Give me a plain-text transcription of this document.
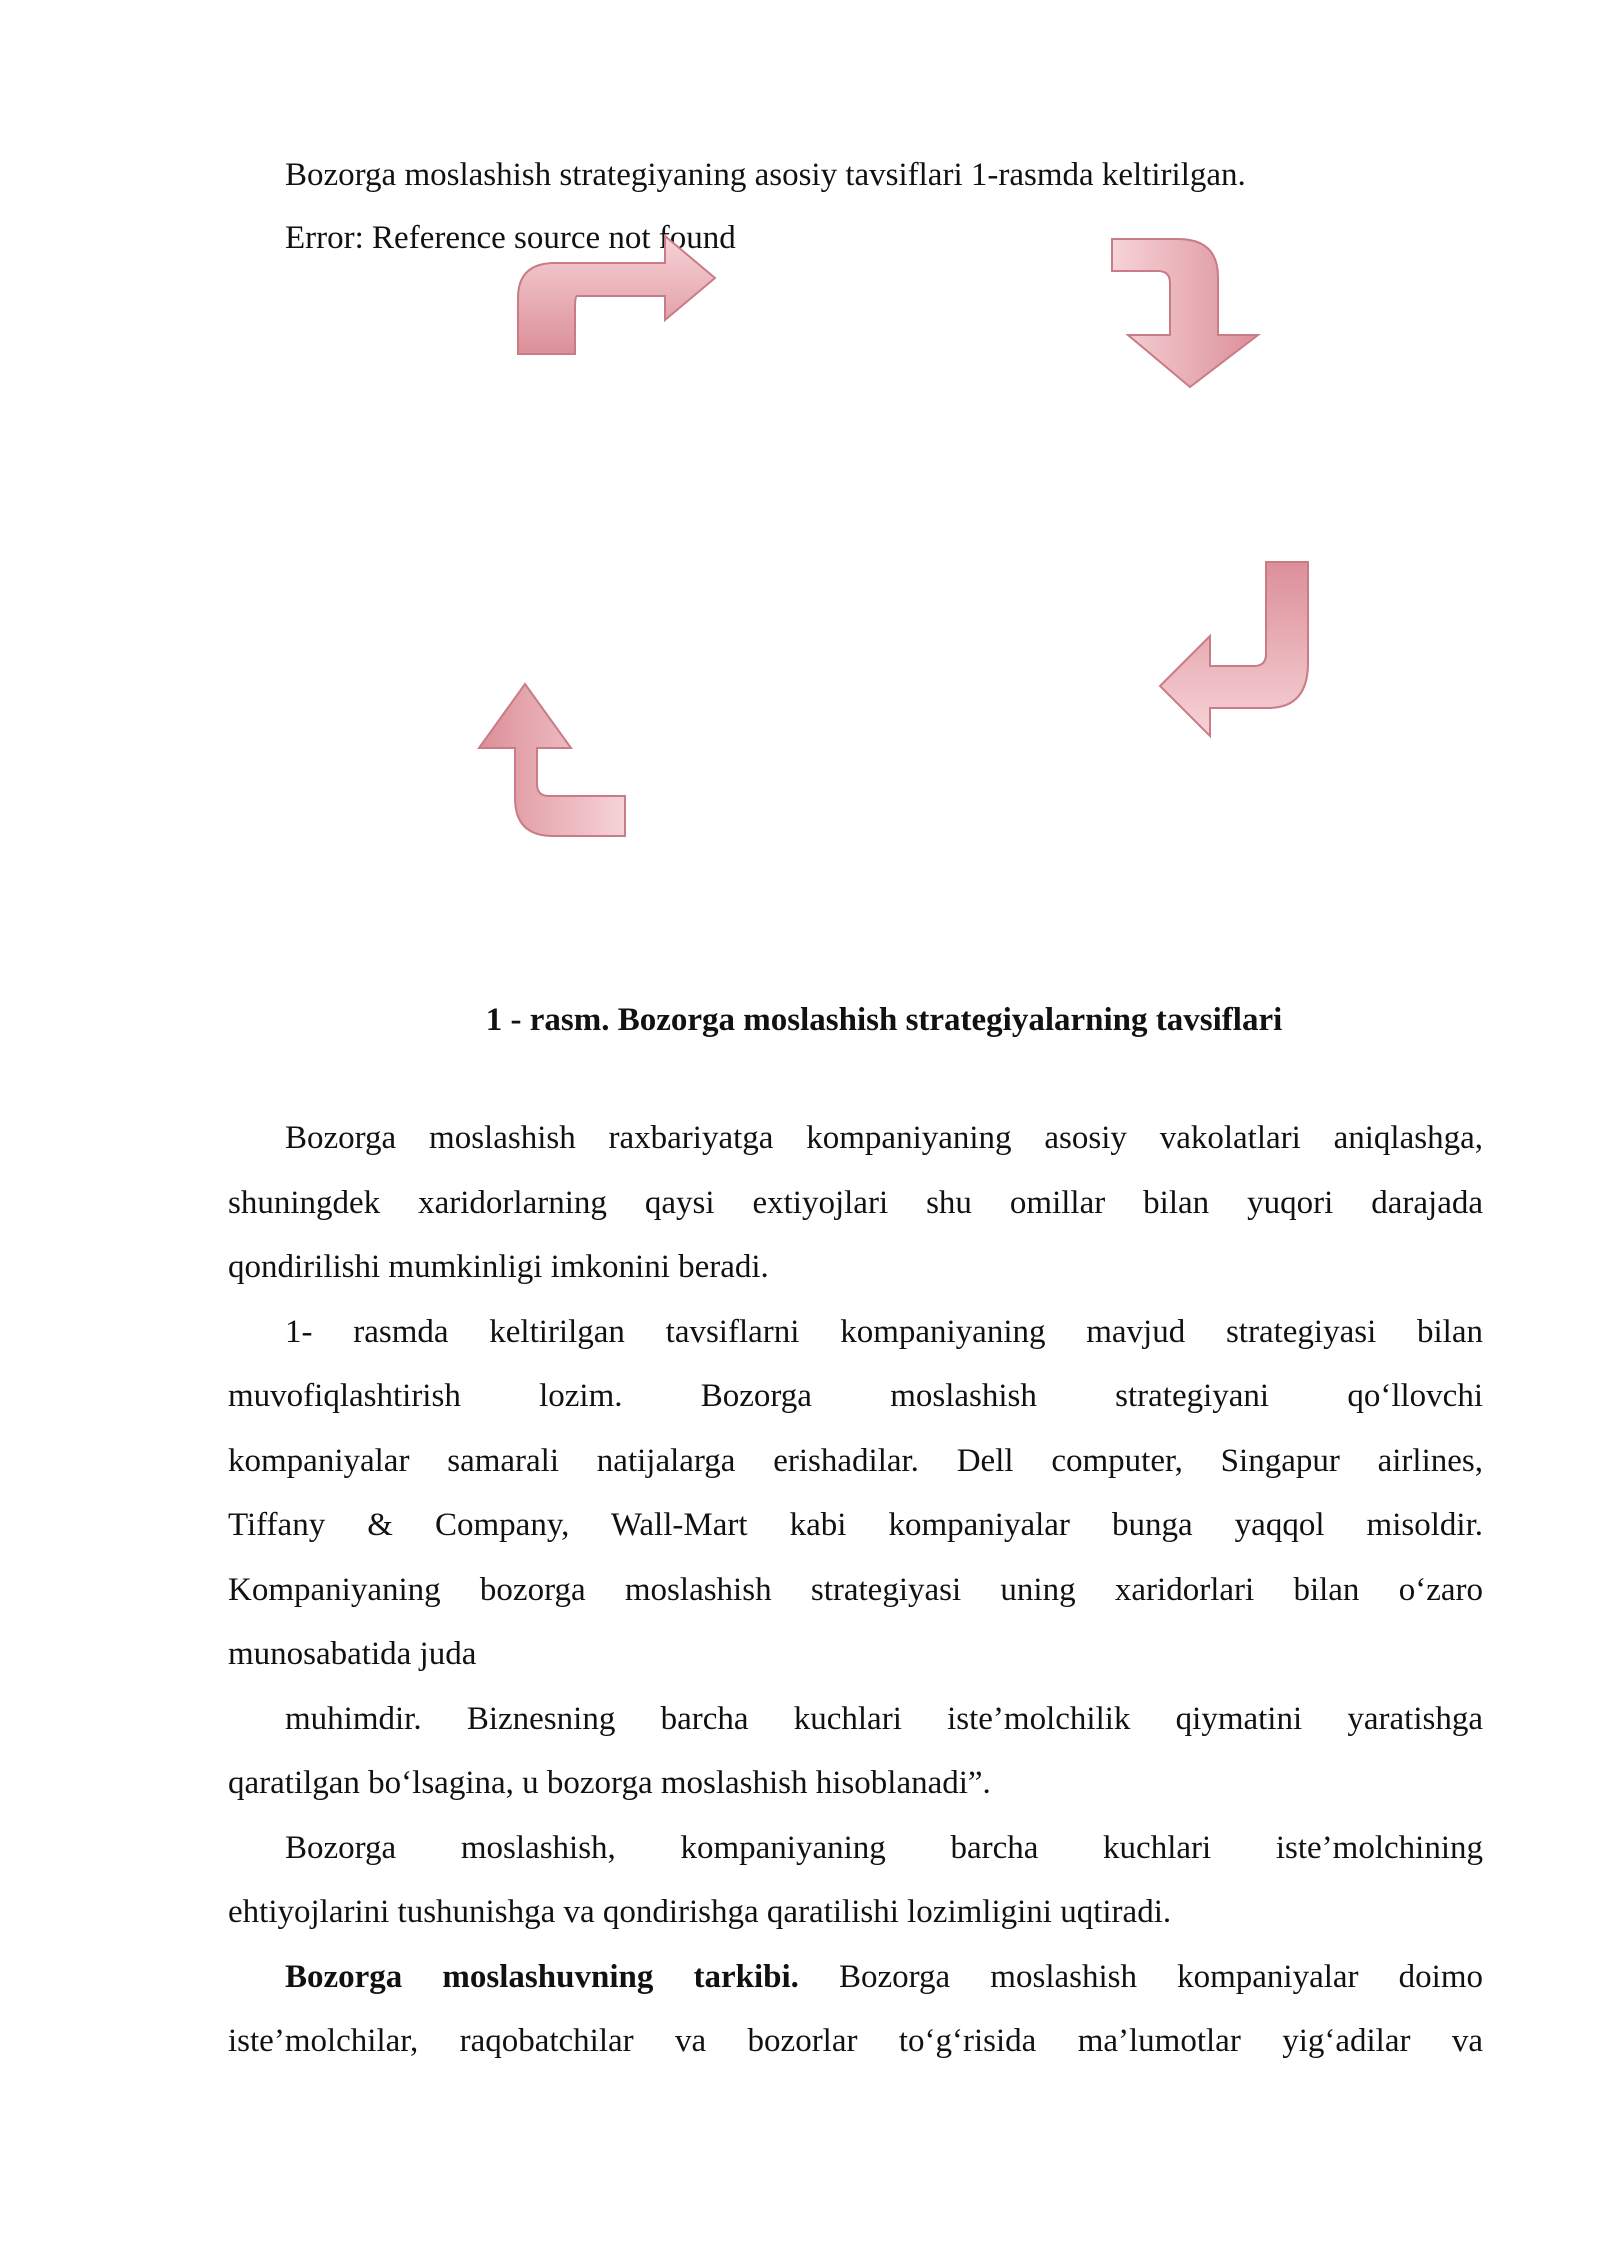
Bozorga moslashish strategiyaning asosiy tavsiflari 1-rasmda keltirilgan.
Error: Reference source not found
1 - rasm. Bozorga moslashish strategiyalarning tavsiflari
Bozorga moslashish raxbariyatga kompaniyaning asosiy vakolatlari aniqlashga,
shuningdek xaridorlarning qaysi extiyojlari shu omillar bilan yuqori darajada
qondirilishi mumkinligi imkonini beradi.
1- rasmda keltirilgan tavsiflarni kompaniyaning mavjud strategiyasi bilan
muvofiqlashtirish lozim. Bozorga moslashish strategiyani qo‘llovchi
kompaniyalar samarali natijalarga erishadilar. Dell computer, Singapur airlines,
Tiffany & Company, Wall-Mart kabi kompaniyalar bunga yaqqol misoldir.
Kompaniyaning bozorga moslashish strategiyasi uning xaridorlari bilan o‘zaro
munosabatida juda
muhimdir. Biznesning barcha kuchlari iste’molchilik qiymatini yaratishga
qaratilgan bo‘lsagina, u bozorga moslashish hisoblanadi”.
Bozorga moslashish, kompaniyaning barcha kuchlari iste’molchining
ehtiyojlarini tushunishga va qondirishga qaratilishi lozimligini uqtiradi.
Bozorga moslashuvning tarkibi. Bozorga moslashish kompaniyalar doimo
iste’molchilar, raqobatchilar va bozorlar to‘g‘risida ma’lumotlar yig‘adilar va
